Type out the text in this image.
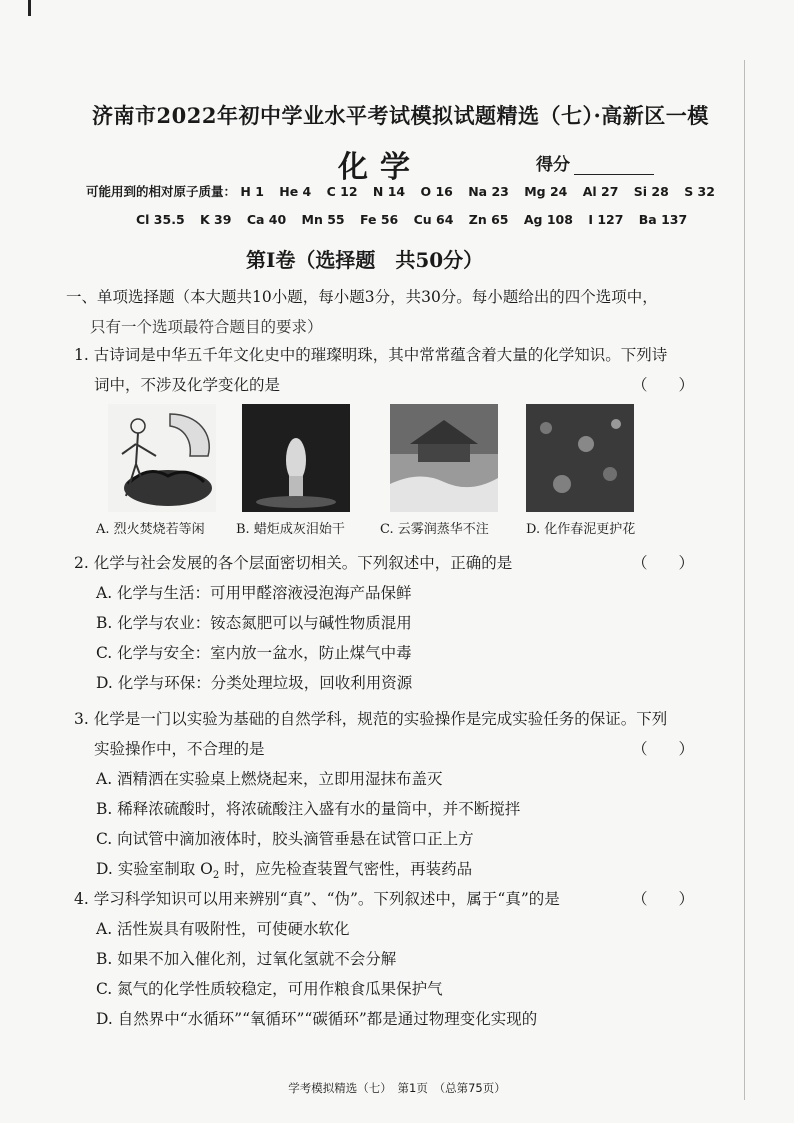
济南市2022年初中学业水平考试模拟试题精选（七）·高新区一模
化学	得分
可能用到的相对原子质量： H 1 He 4 C 12 N 14 O 16 Na 23 Mg 24 Al 27 Si 28 S 32
Cl 35.5 K 39 Ca 40 Mn 55 Fe 56 Cu 64 Zn 65 Ag 108 I 127 Ba 137
第Ⅰ卷（选择题　共50分）
一、单项选择题（本大题共10小题，每小题3分，共30分。每小题给出的四个选项中，
只有一个选项最符合题目的要求）
1. 古诗词是中华五千年文化史中的璀璨明珠，其中常常蕴含着大量的化学知识。下列诗
词中，不涉及化学变化的是	（　　）
A. 烈火焚烧若等闲 B. 蜡炬成灰泪始干	C. 云雾润蒸华不注	D. 化作春泥更护花
2. 化学与社会发展的各个层面密切相关。下列叙述中，正确的是	（　　）
A. 化学与生活：可用甲醛溶液浸泡海产品保鲜
B. 化学与农业：铵态氮肥可以与碱性物质混用
C. 化学与安全：室内放一盆水，防止煤气中毒
D. 化学与环保：分类处理垃圾，回收利用资源
3. 化学是一门以实验为基础的自然学科，规范的实验操作是完成实验任务的保证。下列
实验操作中，不合理的是	（　　）
A. 酒精洒在实验桌上燃烧起来，立即用湿抹布盖灭
B. 稀释浓硫酸时，将浓硫酸注入盛有水的量筒中，并不断搅拌
C. 向试管中滴加液体时，胶头滴管垂悬在试管口正上方
D. 实验室制取 $O_2$ 时，应先检查装置气密性，再装药品
4. 学习科学知识可以用来辨别“真”、“伪”。下列叙述中，属于“真”的是	（　　）
A. 活性炭具有吸附性，可使硬水软化
B. 如果不加入催化剂，过氧化氢就不会分解
C. 氮气的化学性质较稳定，可用作粮食瓜果保护气
D. 自然界中“水循环”“氧循环”“碳循环”都是通过物理变化实现的
学考模拟精选（七）　第1页　（总第75页）
